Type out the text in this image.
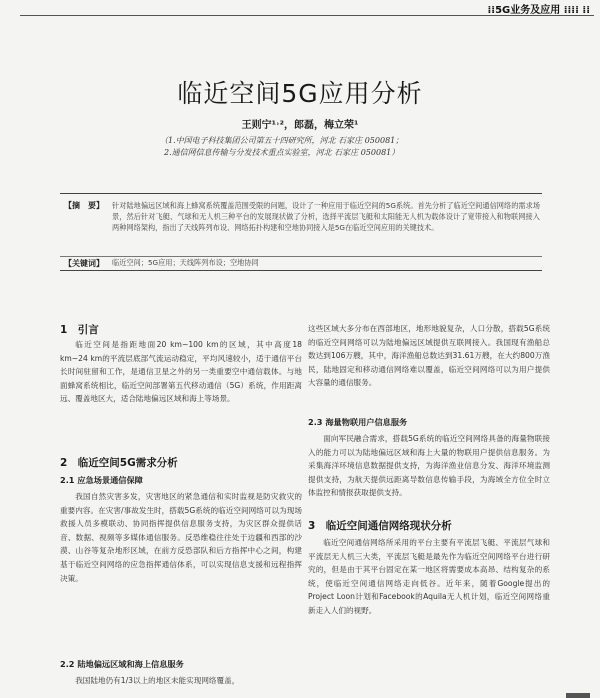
⁞⁞5G业务及应用 ⁞⁞⁞⁞ ⁞⁞
临近空间5G应用分析
王则宁¹˒²，郎磊，梅立荣¹
（1.中国电子科技集团公司第五十四研究所，河北 石家庄 050081；
2.通信网信息传输与分发技术重点实验室，河北 石家庄 050081）
【摘　要】 针对陆地偏远区域和海上蜂窝系统覆盖范围受限的问题，设计了一种应用于临近空间的5G系统。首先分析了临近空间通信网络的需求场景，然后针对飞艇、气球和无人机三种平台的发展现状做了分析，选择平流层飞艇和太阳能无人机为载体设计了宽带接入和物联网接入两种网络架构，指出了天线阵列布设、网络拓扑构建和空地协同接入是5G在临近空间应用的关键技术。
【关键词】 临近空间；5G应用；天线阵列布设；空地协同
1　引言
临近空间是指距地面20 km~100 km的区域，其中高度18 km~24 km的平流层底部气流运动稳定，平均风速较小，适于通信平台长时间驻留和工作，是通信卫星之外的另一类重要空中通信载体。与地面蜂窝系统相比，临近空间部署第五代移动通信（5G）系统，作用距离远、覆盖地区大，适合陆地偏远区域和海上等场景。
2　临近空间5G需求分析
2.1 应急场景通信保障
我国自然灾害多发，灾害地区的紧急通信和实时监视是防灾救灾的重要内容。在灾害/事故发生时，搭载5G系统的临近空间网络可以为现场救援人员多模联动、协同指挥提供信息服务支持，为灾区群众提供话音、数据、视频等多媒体通信服务。反恐维稳往往处于边疆和西部的沙漠、山谷等复杂地形区域，在前方反恐部队和后方指挥中心之间，构建基于临近空间网络的应急指挥通信体系，可以实现信息支援和远程指挥决策。
2.2 陆地偏远区域和海上信息服务
我国陆地仍有1/3以上的地区未能实现网络覆盖，
这些区域大多分布在西部地区，地形地貌复杂，人口分散，搭载5G系统的临近空间网络可以为陆地偏远区域提供互联网接入。我国现有渔船总数达到106万艘，其中，海洋渔船总数达到31.61万艘，在大约800万渔民，陆地固定和移动通信网络难以覆盖，临近空间网络可以为用户提供大容量的通信服务。
2.3 海量物联用户信息服务
面向军民融合需求，搭载5G系统的临近空间网络具备的海量物联接入的能力可以为陆地偏远区域和海上大量的物联用户提供信息服务。为采集海洋环境信息数据提供支持，为海洋渔业信息分发、海洋环境监测提供支持，为航天提供远距离导数信息传输手段，为海域全方位全时立体监控和情报获取提供支持。
3　临近空间通信网络现状分析
临近空间通信网络所采用的平台主要有平流层飞艇、平流层气球和平流层无人机三大类，平流层飞艇是最先作为临近空间网络平台进行研究的，但是由于其平台固定在某一地区将需要成本高昂、结构复杂的系统，使临近空间通信网络走向低谷。近年来，随着Google提出的Project Loon计划和Facebook的Aquila无人机计划，临近空间网络重新走入人们的视野。
